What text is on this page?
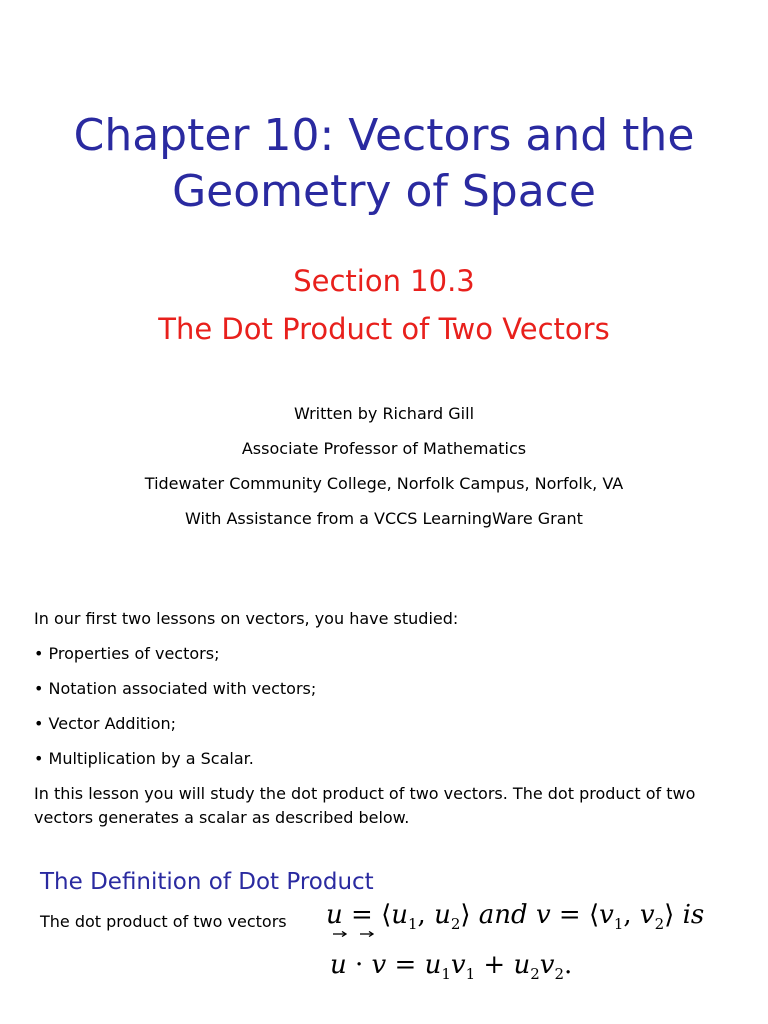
Chapter 10: Vectors and the
Geometry of Space
Section 10.3
The Dot Product of Two Vectors
Written by Richard Gill
Associate Professor of Mathematics
Tidewater Community College, Norfolk Campus, Norfolk, VA
With Assistance from a VCCS LearningWare Grant
In our first two lessons on vectors, you have studied:
• Properties of vectors;
• Notation associated with vectors;
• Vector Addition;
• Multiplication by a Scalar.
In this lesson you will study the dot product of two vectors. The dot product of two vectors generates a scalar as described below.
The Definition of Dot Product
The dot product of two vectors $u = ⟨u_1$, $u_2⟩$ and $v = ⟨v_1$, $v_2⟩$ is
$u \cdot v = u_1v_1 + u_2v_2$.
